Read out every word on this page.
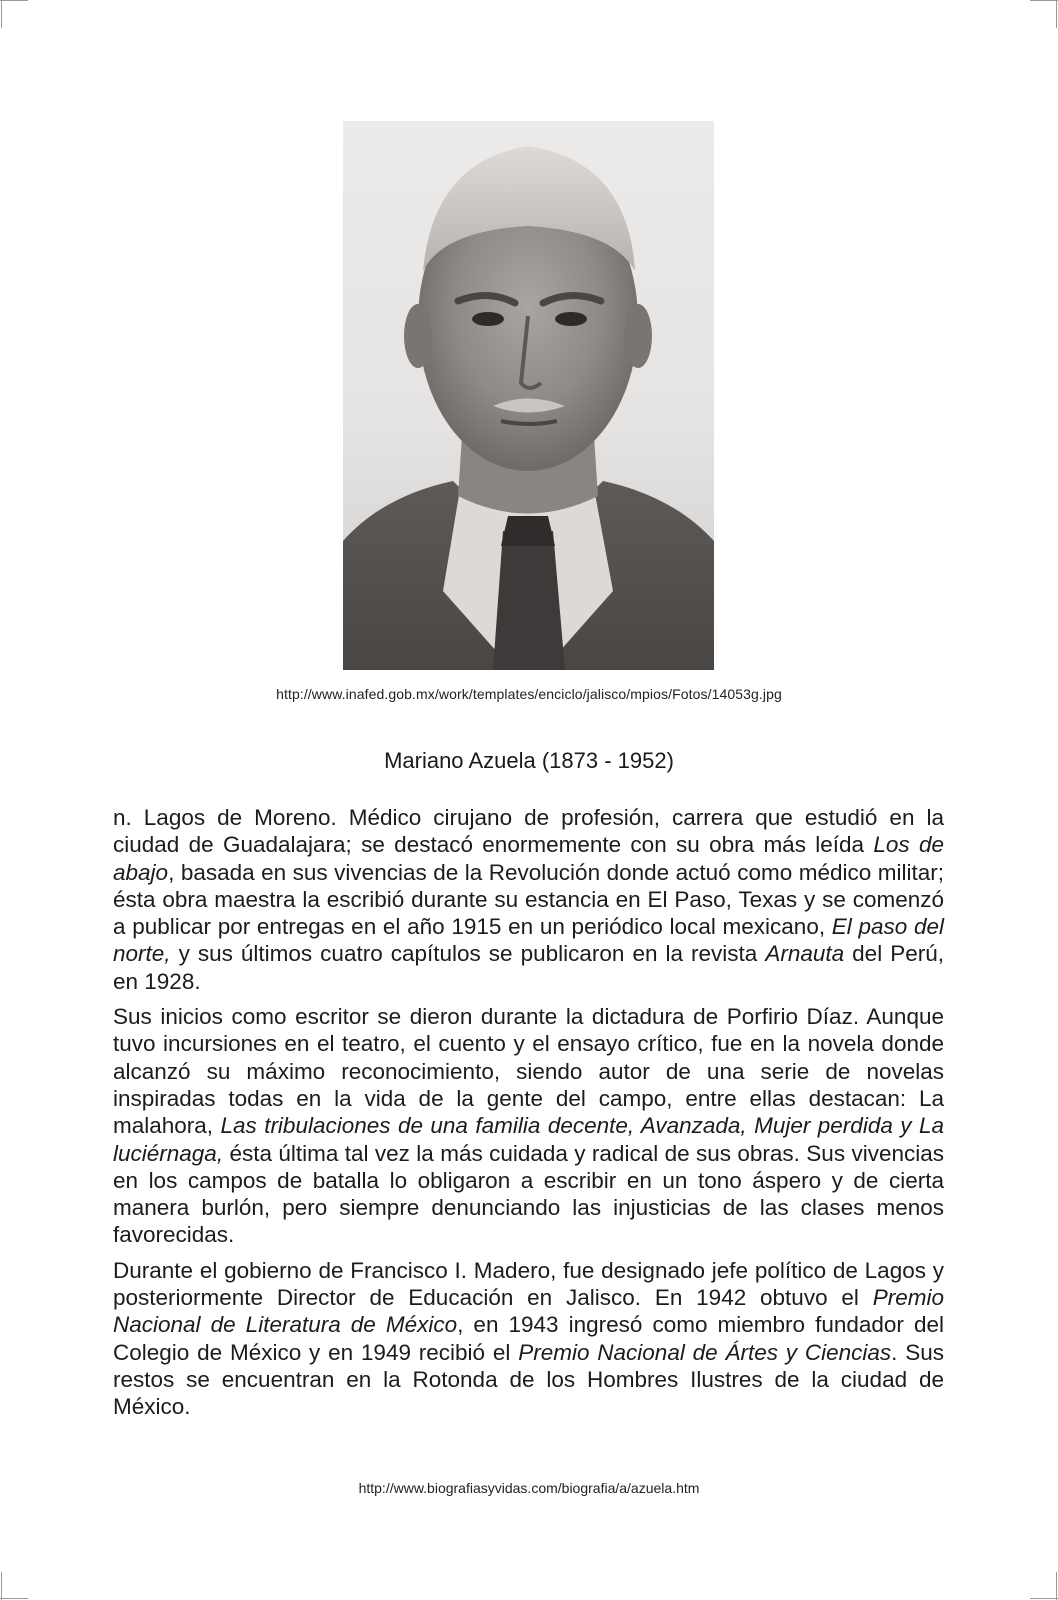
http://www.inafed.gob.mx/work/templates/enciclo/jalisco/mpios/Fotos/14053g.jpg
Mariano Azuela (1873 - 1952)

n. Lagos de Moreno. Médico cirujano de profesión, carrera que estudió en la ciudad de Guadalajara; se destacó enormemente con su obra más leída Los de abajo, basada en sus vivencias de la Revolución donde actuó como médico militar; ésta obra maestra la escribió durante su estancia en El Paso, Texas y se comenzó a publicar por entregas en el año 1915 en un periódico local mexicano, El paso del norte, y sus últimos cuatro capítulos se publicaron en la revista Arnauta del Perú, en 1928.

Sus inicios como escritor se dieron durante la dictadura de Porfirio Díaz. Aunque tuvo incursiones en el teatro, el cuento y el ensayo crítico, fue en la novela donde alcanzó su máximo reconocimiento, siendo autor de una serie de novelas inspiradas todas en la vida de la gente del campo, entre ellas destacan: La malahora, Las tribulaciones de una familia decente, Avanzada, Mujer perdida y La luciérnaga, ésta última tal vez la más cuidada y radical de sus obras. Sus vivencias en los campos de batalla lo obligaron a escribir en un tono áspero y de cierta manera burlón, pero siempre denunciando las injusticias de las clases menos favorecidas.

Durante el gobierno de Francisco I. Madero, fue designado jefe político de Lagos y posteriormente Director de Educación en Jalisco. En 1942 obtuvo el Premio Nacional de Literatura de México, en 1943 ingresó como miembro fundador del Colegio de México y en 1949 recibió el Premio Nacional de Ártes y Ciencias. Sus restos se encuentran en la Rotonda de los Hombres Ilustres de la ciudad de México.

http://www.biografiasyvidas.com/biografia/a/azuela.htm
